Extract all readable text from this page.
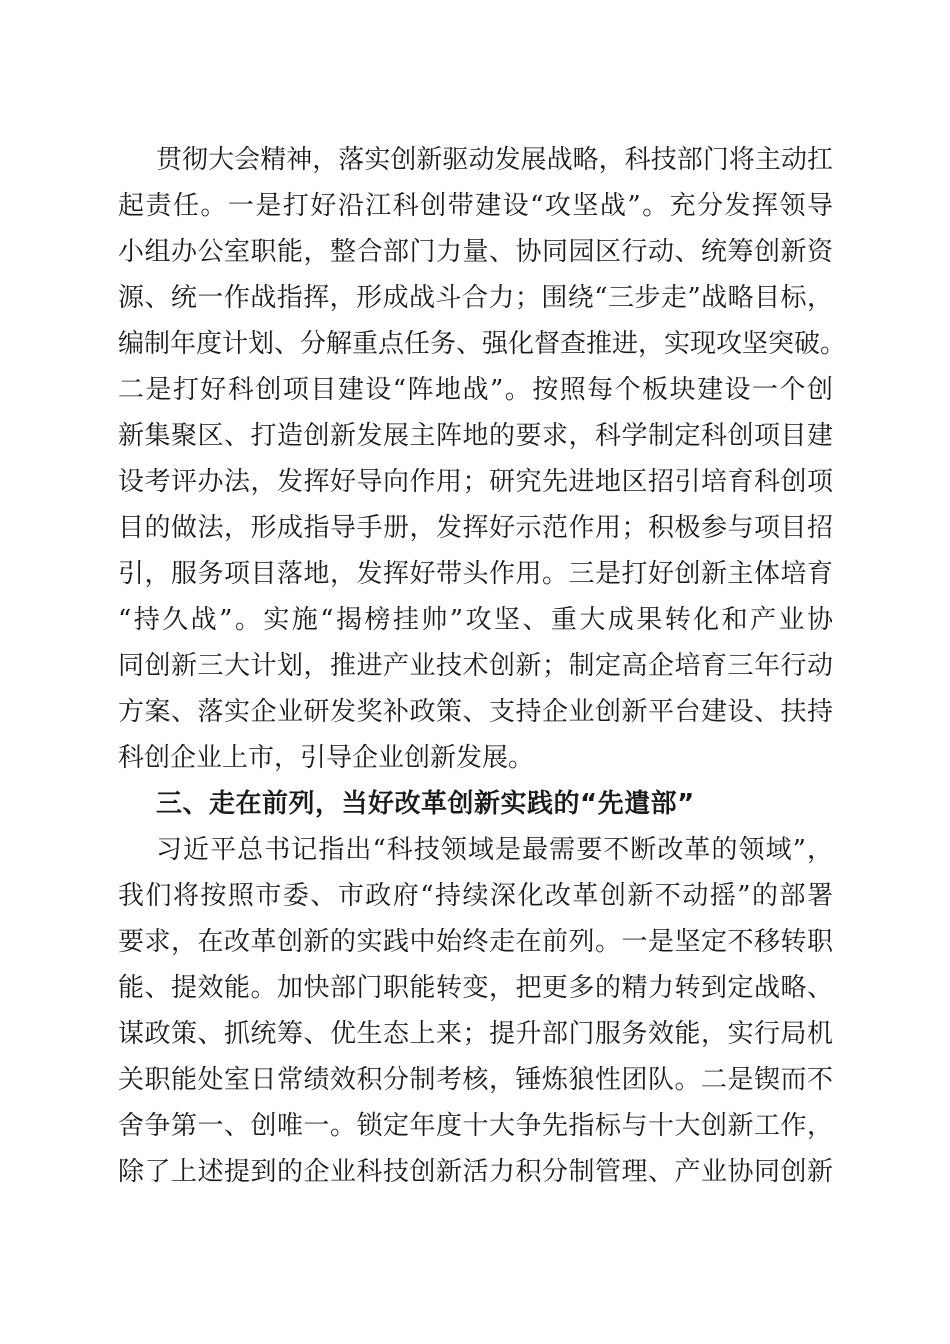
贯彻大会精神，落实创新驱动发展战略，科技部门将主动扛
起责任。一是打好沿江科创带建设“攻坚战”。充分发挥领导
小组办公室职能，整合部门力量、协同园区行动、统筹创新资
源、统一作战指挥，形成战斗合力；围绕“三步走”战略目标，
编制年度计划、分解重点任务、强化督查推进，实现攻坚突破。
二是打好科创项目建设“阵地战”。按照每个板块建设一个创
新集聚区、打造创新发展主阵地的要求，科学制定科创项目建
设考评办法，发挥好导向作用；研究先进地区招引培育科创项
目的做法，形成指导手册，发挥好示范作用；积极参与项目招
引，服务项目落地，发挥好带头作用。三是打好创新主体培育
“持久战”。实施“揭榜挂帅”攻坚、重大成果转化和产业协
同创新三大计划，推进产业技术创新；制定高企培育三年行动
方案、落实企业研发奖补政策、支持企业创新平台建设、扶持
科创企业上市，引导企业创新发展。
三、走在前列，当好改革创新实践的“先遣部”
习近平总书记指出“科技领域是最需要不断改革的领域”，
我们将按照市委、市政府“持续深化改革创新不动摇”的部署
要求，在改革创新的实践中始终走在前列。一是坚定不移转职
能、提效能。加快部门职能转变，把更多的精力转到定战略、
谋政策、抓统筹、优生态上来；提升部门服务效能，实行局机
关职能处室日常绩效积分制考核，锤炼狼性团队。二是锲而不
舍争第一、创唯一。锁定年度十大争先指标与十大创新工作，
除了上述提到的企业科技创新活力积分制管理、产业协同创新
